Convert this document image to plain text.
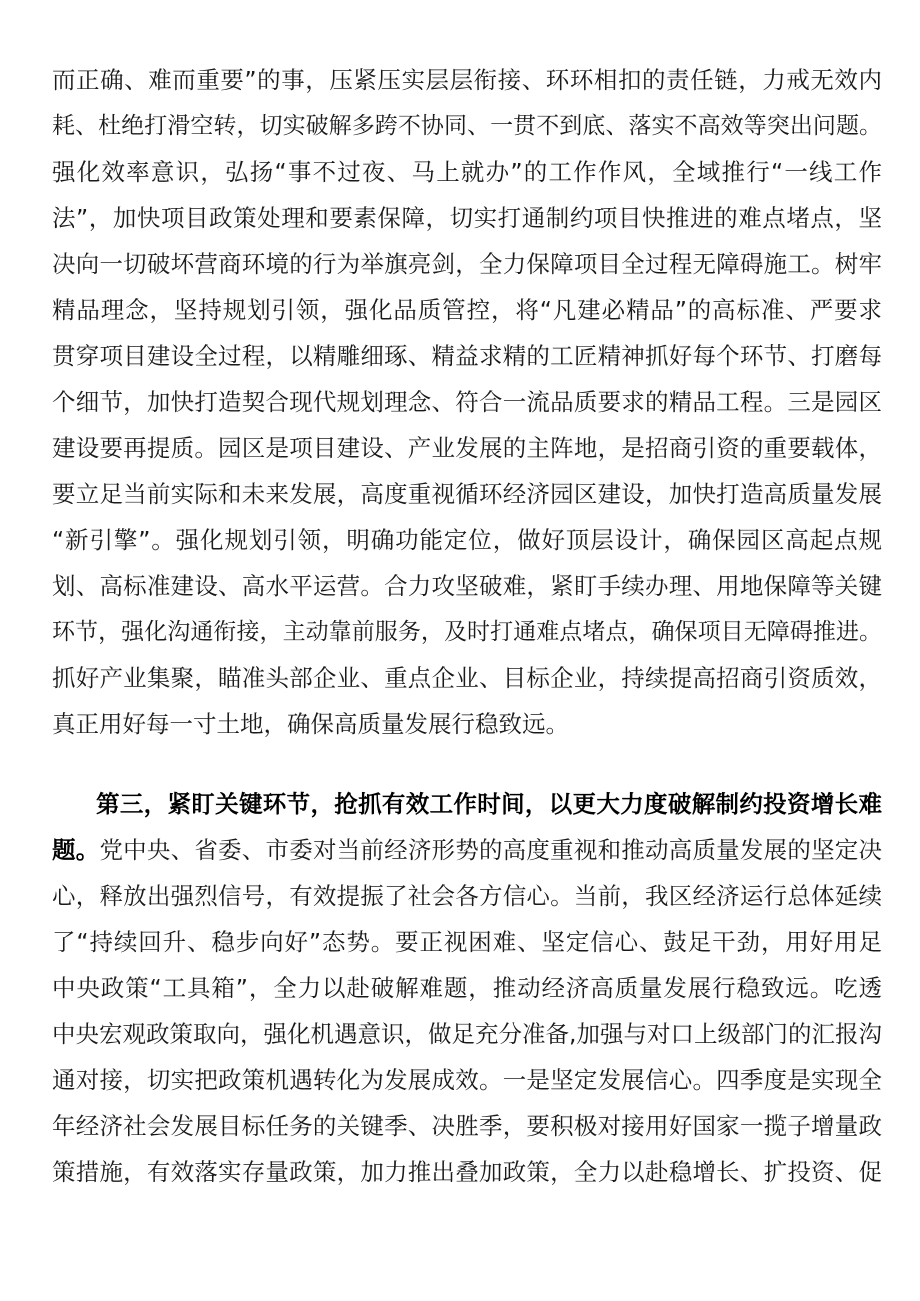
而正确、难而重要”的事，压紧压实层层衔接、环环相扣的责任链，力戒无效内
耗、杜绝打滑空转，切实破解多跨不协同、一贯不到底、落实不高效等突出问题。
强化效率意识，弘扬“事不过夜、马上就办”的工作作风，全域推行“一线工作
法”，加快项目政策处理和要素保障，切实打通制约项目快推进的难点堵点，坚
决向一切破坏营商环境的行为举旗亮剑，全力保障项目全过程无障碍施工。树牢
精品理念，坚持规划引领，强化品质管控，将“凡建必精品”的高标准、严要求
贯穿项目建设全过程，以精雕细琢、精益求精的工匠精神抓好每个环节、打磨每
个细节，加快打造契合现代规划理念、符合一流品质要求的精品工程。三是园区
建设要再提质。园区是项目建设、产业发展的主阵地，是招商引资的重要载体，
要立足当前实际和未来发展，高度重视循环经济园区建设，加快打造高质量发展
“新引擎”。强化规划引领，明确功能定位，做好顶层设计，确保园区高起点规
划、高标准建设、高水平运营。合力攻坚破难，紧盯手续办理、用地保障等关键
环节，强化沟通衔接，主动靠前服务，及时打通难点堵点，确保项目无障碍推进。
抓好产业集聚，瞄准头部企业、重点企业、目标企业，持续提高招商引资质效，
真正用好每一寸土地，确保高质量发展行稳致远。
第三，紧盯关键环节，抢抓有效工作时间，以更大力度破解制约投资增长难
题。党中央、省委、市委对当前经济形势的高度重视和推动高质量发展的坚定决
心，释放出强烈信号，有效提振了社会各方信心。当前，我区经济运行总体延续
了“持续回升、稳步向好”态势。要正视困难、坚定信心、鼓足干劲，用好用足
中央政策“工具箱”，全力以赴破解难题，推动经济高质量发展行稳致远。吃透
中央宏观政策取向，强化机遇意识，做足充分准备,加强与对口上级部门的汇报沟
通对接，切实把政策机遇转化为发展成效。一是坚定发展信心。四季度是实现全
年经济社会发展目标任务的关键季、决胜季，要积极对接用好国家一揽子增量政
策措施，有效落实存量政策，加力推出叠加政策，全力以赴稳增长、扩投资、促
